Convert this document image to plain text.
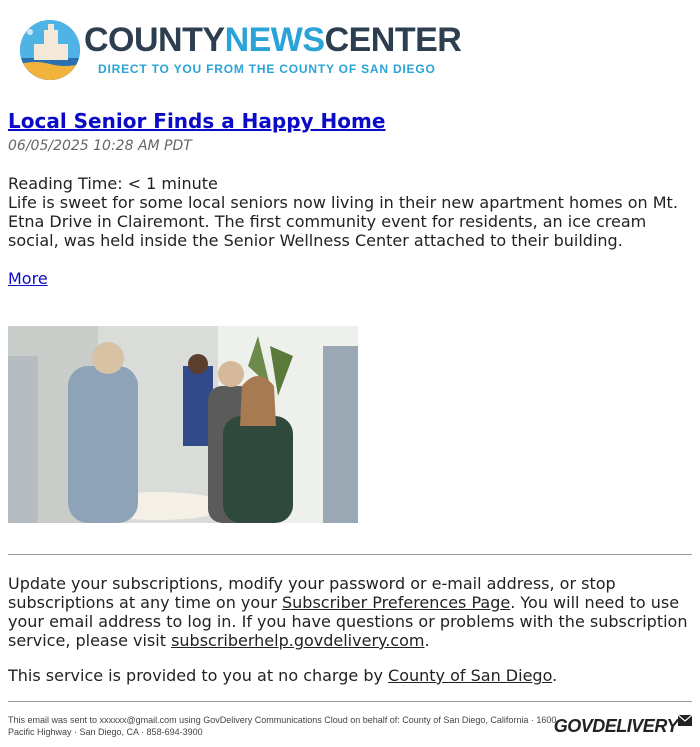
COUNTYNEWSCENTER
DIRECT TO YOU FROM THE COUNTY OF SAN DIEGO
Local Senior Finds a Happy Home
06/05/2025 10:28 AM PDT
Reading Time: < 1 minute
Life is sweet for some local seniors now living in their new apartment homes on Mt. Etna Drive in Clairemont. The first community event for residents, an ice cream social, was held inside the Senior Wellness Center attached to their building.
More
Update your subscriptions, modify your password or e-mail address, or stop subscriptions at any time on your Subscriber Preferences Page. You will need to use your email address to log in. If you have questions or problems with the subscription service, please visit subscriberhelp.govdelivery.com.
This service is provided to you at no charge by County of San Diego.
This email was sent to xxxxxx@gmail.com using GovDelivery Communications Cloud on behalf of: County of San Diego, California · 1600 Pacific Highway · San Diego, CA · 858-694-3900	GOVDELIVERY
